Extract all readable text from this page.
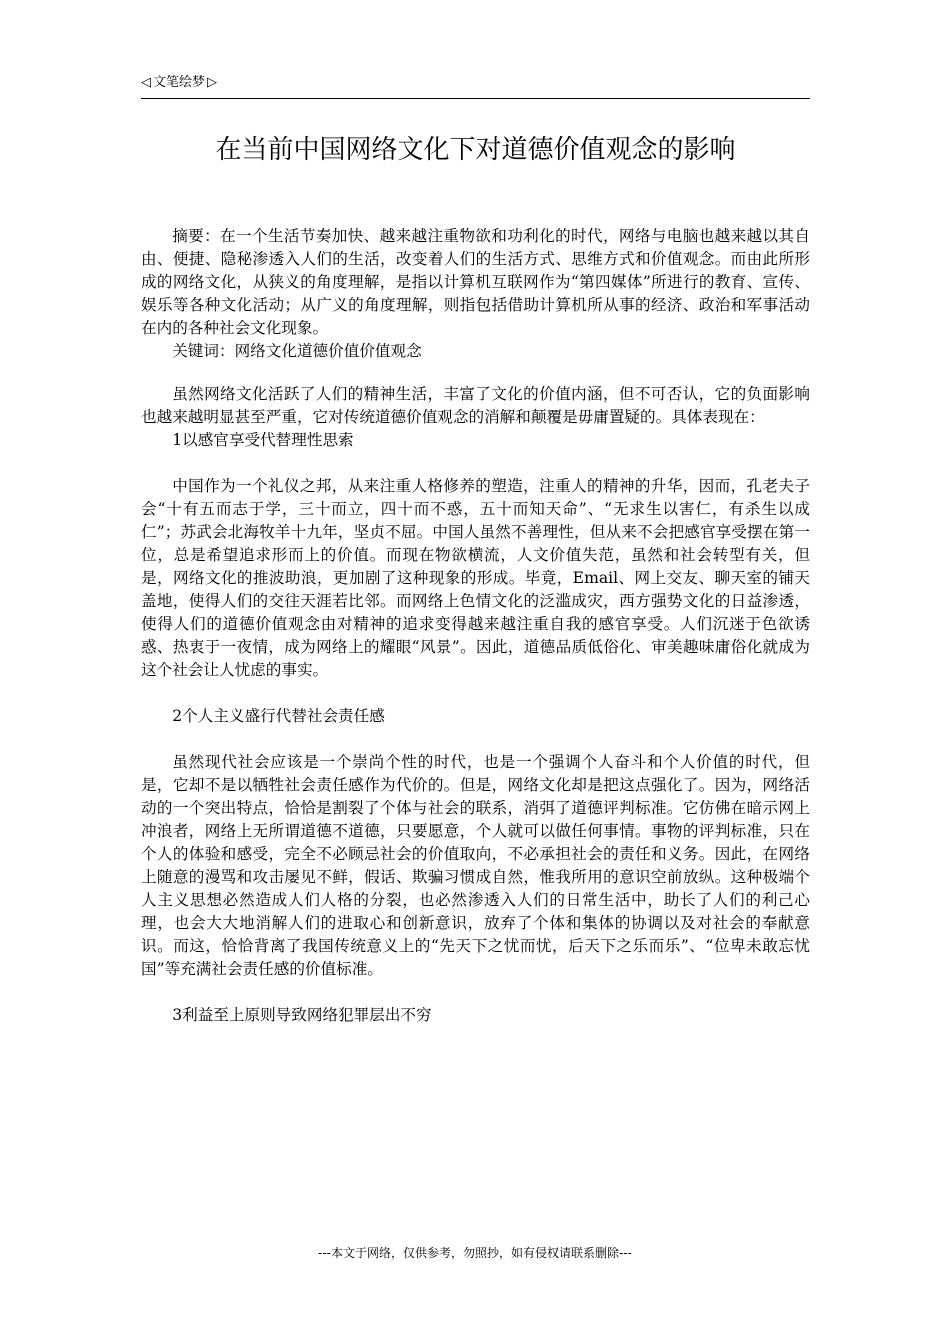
◁ 文笔绘梦 ▷
在当前中国网络文化下对道德价值观念的影响

摘要：在一个生活节奏加快、越来越注重物欲和功利化的时代，网络与电脑也越来越以其自由、便捷、隐秘渗透入人们的生活，改变着人们的生活方式、思维方式和价值观念。而由此所形成的网络文化，从狭义的角度理解，是指以计算机互联网作为“第四媒体”所进行的教育、宣传、娱乐等各种文化活动；从广义的角度理解，则指包括借助计算机所从事的经济、政治和军事活动在内的各种社会文化现象。

关键词：网络文化道德价值价值观念

虽然网络文化活跃了人们的精神生活，丰富了文化的价值内涵，但不可否认，它的负面影响也越来越明显甚至严重，它对传统道德价值观念的消解和颠覆是毋庸置疑的。具体表现在：

1以感官享受代替理性思索

中国作为一个礼仪之邦，从来注重人格修养的塑造，注重人的精神的升华，因而，孔老夫子会“十有五而志于学，三十而立，四十而不惑，五十而知天命”、“无求生以害仁，有杀生以成仁”；苏武会北海牧羊十九年，坚贞不屈。中国人虽然不善理性，但从来不会把感官享受摆在第一位，总是希望追求形而上的价值。而现在物欲横流，人文价值失范，虽然和社会转型有关，但是，网络文化的推波助浪，更加剧了这种现象的形成。毕竟，Email、网上交友、聊天室的铺天盖地，使得人们的交往天涯若比邻。而网络上色情文化的泛滥成灾，西方强势文化的日益渗透，使得人们的道德价值观念由对精神的追求变得越来越注重自我的感官享受。人们沉迷于色欲诱惑、热衷于一夜情，成为网络上的耀眼“风景”。因此，道德品质低俗化、审美趣味庸俗化就成为这个社会让人忧虑的事实。

2个人主义盛行代替社会责任感

虽然现代社会应该是一个崇尚个性的时代，也是一个强调个人奋斗和个人价值的时代，但是，它却不是以牺牲社会责任感作为代价的。但是，网络文化却是把这点强化了。因为，网络活动的一个突出特点，恰恰是割裂了个体与社会的联系，消弭了道德评判标准。它仿佛在暗示网上冲浪者，网络上无所谓道德不道德，只要愿意，个人就可以做任何事情。事物的评判标准，只在个人的体验和感受，完全不必顾忌社会的价值取向，不必承担社会的责任和义务。因此，在网络上随意的漫骂和攻击屡见不鲜，假话、欺骗习惯成自然，惟我所用的意识空前放纵。这种极端个人主义思想必然造成人们人格的分裂，也必然渗透入人们的日常生活中，助长了人们的利己心理，也会大大地消解人们的进取心和创新意识，放弃了个体和集体的协调以及对社会的奉献意识。而这，恰恰背离了我国传统意义上的“先天下之忧而忧，后天下之乐而乐”、“位卑未敢忘忧国”等充满社会责任感的价值标准。

3利益至上原则导致网络犯罪层出不穷

---本文于网络，仅供参考，勿照抄，如有侵权请联系删除---
